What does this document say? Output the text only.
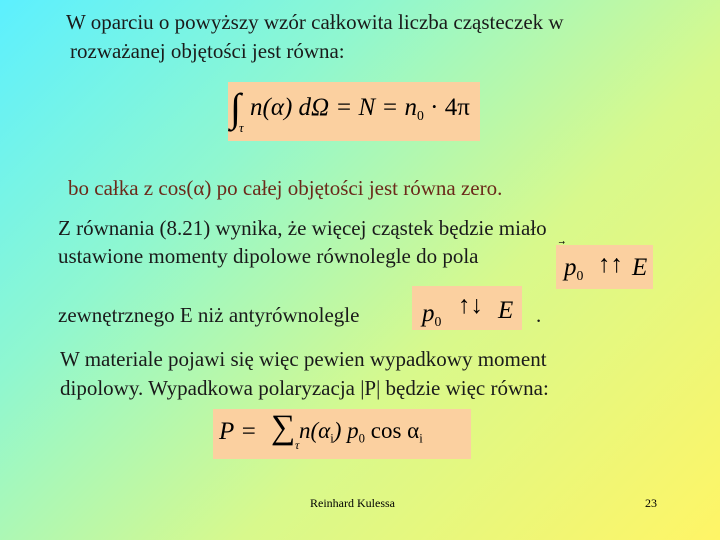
W oparciu o powyższy wzór całkowita liczba cząsteczek w
rozważanej objętości jest równa:
∫
τ
n(α) $d\Omega = N = n_0 \cdot 4\pi$
bo całka z cos(α) po całej objętości jest równa zero.
Z równania (8.21) wynika, że więcej cząstek będzie miało
ustawione momenty dipolowe równolegle do pola	$p_0$ ↑↑ E
zewnętrznego E niż antyrównolegle	$p_0$
↑↓ E .
W materiale pojawi się więc pewien wypadkowy moment
dipolowy. Wypadkowa polaryzacja |P| będzie więc równa:
P = ∑ τ
$n(\alpha_i)$ $p_0$ $\cos \alpha_i$
Reinhard Kulessa	23
